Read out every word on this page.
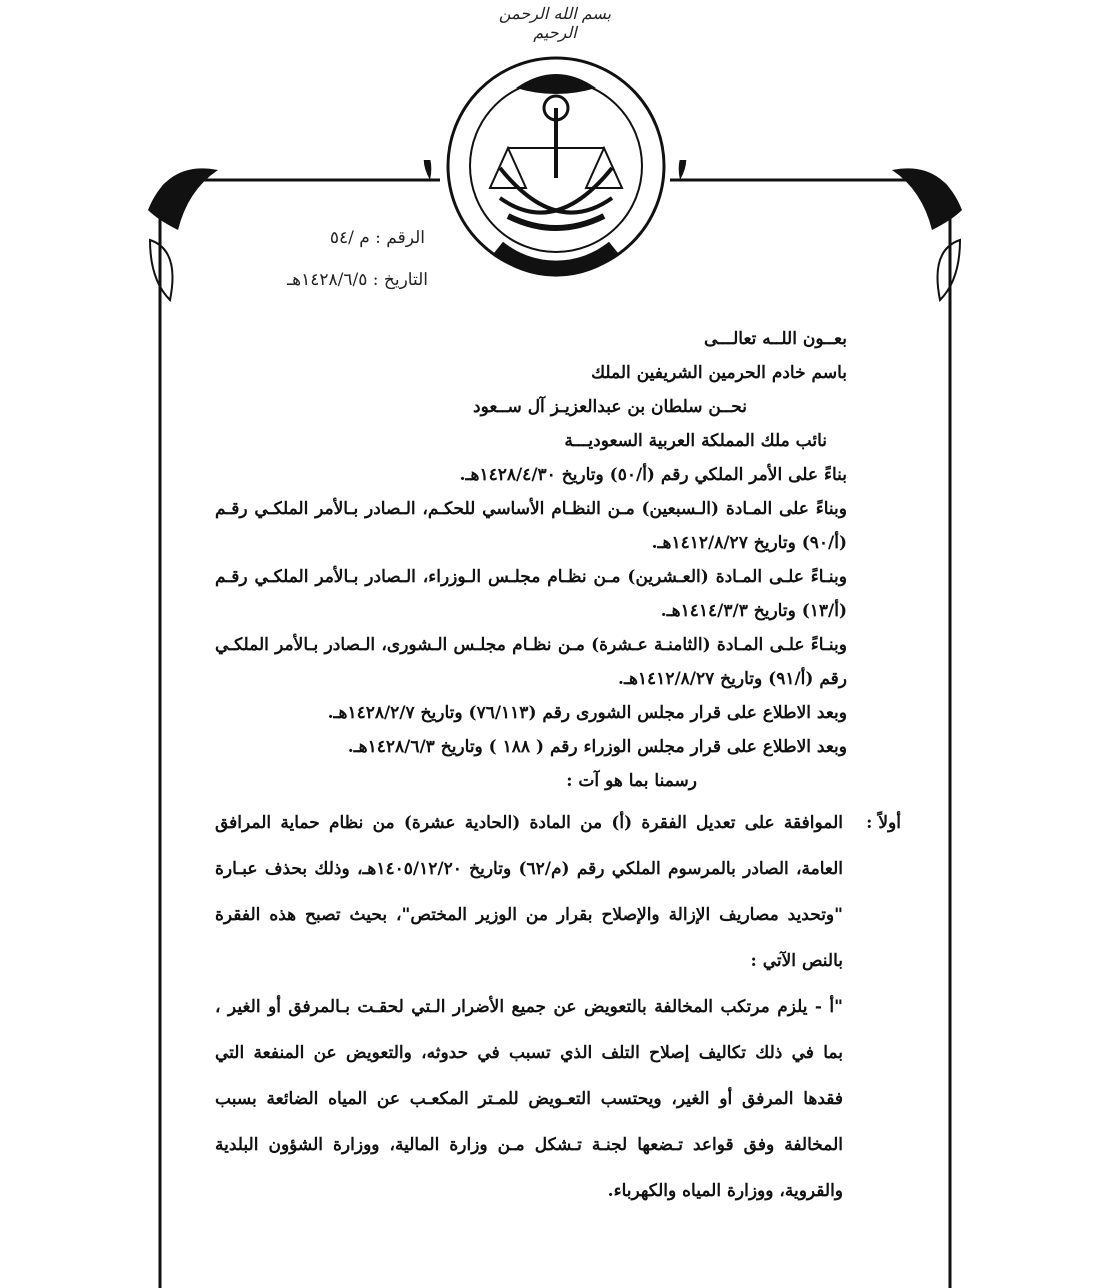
بسم الله الرحمن الرحيم
الرقم : م /٥٤
التاريخ : ١٤٢٨/٦/٥هـ
بعــون اللــه تعالـــى
باسم خادم الحرمين الشريفين الملك
نحــن سلطان بن عبدالعزيـز آل ســعود
نائب ملك المملكة العربية السعوديـــة
بناءً على الأمر الملكي رقم (أ/٥٠) وتاريخ ١٤٢٨/٤/٣٠هـ.
وبناءً على المـادة (الـسبعين) مـن النظـام الأساسي للحكـم، الـصادر بـالأمر الملكـي رقـم (أ/٩٠) وتاريخ ١٤١٢/٨/٢٧هـ.
وبنـاءً علـى المـادة (العـشرين) مـن نظـام مجلـس الـوزراء، الـصادر بـالأمر الملكـي رقـم (أ/١٣) وتاريخ ١٤١٤/٣/٣هـ.
وبنـاءً علـى المـادة (الثامنـة عـشرة) مـن نظـام مجلـس الـشورى، الـصادر بـالأمر الملكـي رقم (أ/٩١) وتاريخ ١٤١٢/٨/٢٧هـ.
وبعد الاطلاع على قرار مجلس الشورى رقم (٧٦/١١٣) وتاريخ ١٤٢٨/٢/٧هـ.
وبعد الاطلاع على قرار مجلس الوزراء رقم ( ١٨٨ ) وتاريخ ١٤٢٨/٦/٣هـ.
رسمنا بما هو آت :
أولاً :
الموافقة على تعديل الفقرة (أ) من المادة (الحادية عشرة) من نظام حماية المرافق العامة، الصادر بالمرسوم الملكي رقم (م/٦٢) وتاريخ ١٤٠٥/١٢/٢٠هـ، وذلك بحذف عبـارة "وتحديد مصاريف الإزالة والإصلاح بقرار من الوزير المختص"، بحيث تصبح هذه الفقرة بالنص الآتي :
"أ - يلزم مرتكب المخالفة بالتعويض عن جميع الأضرار الـتي لحقـت بـالمرفق أو الغير ، بما في ذلك تكاليف إصلاح التلف الذي تسبب في حدوثه، والتعويض عن المنفعة التي فقدها المرفق أو الغير، ويحتسب التعـويض للمـتر المكعـب عن المياه الضائعة بسبب المخالفة وفق قواعد تـضعها لجنـة تـشكل مـن وزارة المالية، ووزارة الشؤون البلدية والقروية، ووزارة المياه والكهرباء.
